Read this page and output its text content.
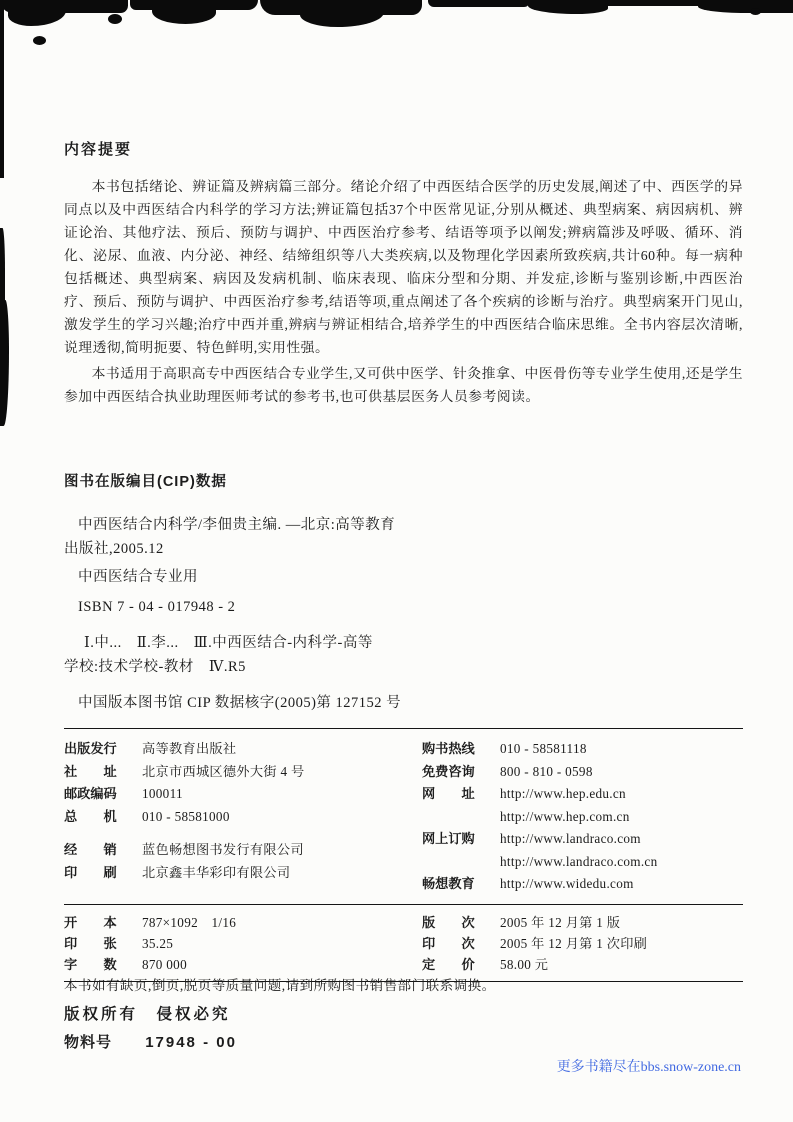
内容提要

本书包括绪论、辨证篇及辨病篇三部分。绪论介绍了中西医结合医学的历史发展,阐述了中、西医学的异同点以及中西医结合内科学的学习方法;辨证篇包括37个中医常见证,分别从概述、典型病案、病因病机、辨证论治、其他疗法、预后、预防与调护、中西医治疗参考、结语等项予以阐发;辨病篇涉及呼吸、循环、消化、泌尿、血液、内分泌、神经、结缔组织等八大类疾病,以及物理化学因素所致疾病,共计60种。每一病种包括概述、典型病案、病因及发病机制、临床表现、临床分型和分期、并发症,诊断与鉴别诊断,中西医治疗、预后、预防与调护、中西医治疗参考,结语等项,重点阐述了各个疾病的诊断与治疗。典型病案开门见山,激发学生的学习兴趣;治疗中西并重,辨病与辨证相结合,培养学生的中西医结合临床思维。全书内容层次清晰,说理透彻,简明扼要、特色鲜明,实用性强。

本书适用于高职高专中西医结合专业学生,又可供中医学、针灸推拿、中医骨伤等专业学生使用,还是学生参加中西医结合执业助理医师考试的参考书,也可供基层医务人员参考阅读。

图书在版编目(CIP)数据

中西医结合内科学/李佃贵主编. —北京:高等教育

出版社,2005.12

中西医结合专业用

ISBN 7 - 04 - 017948 - 2

Ⅰ.中...　Ⅱ.李...　Ⅲ.中西医结合-内科学-高等

学校:技术学校-教材　Ⅳ.R5

中国版本图书馆 CIP 数据核字(2005)第 127152 号

出版发行	高等教育出版社
社　　址	北京市西城区德外大街 4 号
邮政编码	100011
总　　机	010 - 58581000
经　　销	蓝色畅想图书发行有限公司
印　　刷	北京鑫丰华彩印有限公司
购书热线	010 - 58581118
免费咨询	800 - 810 - 0598
网　　址	http://www.hep.edu.cn
http://www.hep.com.cn
网上订购	http://www.landraco.com
http://www.landraco.com.cn
畅想教育	http://www.widedu.com
开　　本	787×1092　1/16
印　　张	35.25
字　　数	870 000
版　　次	2005 年 12 月第 1 版
印　　次	2005 年 12 月第 1 次印刷
定　　价	58.00 元

本书如有缺页,倒页,脱页等质量问题,请到所购图书销售部门联系调换。

版权所有　侵权必究

物料号 17948 - 00

更多书籍尽在bbs.snow-zone.cn
